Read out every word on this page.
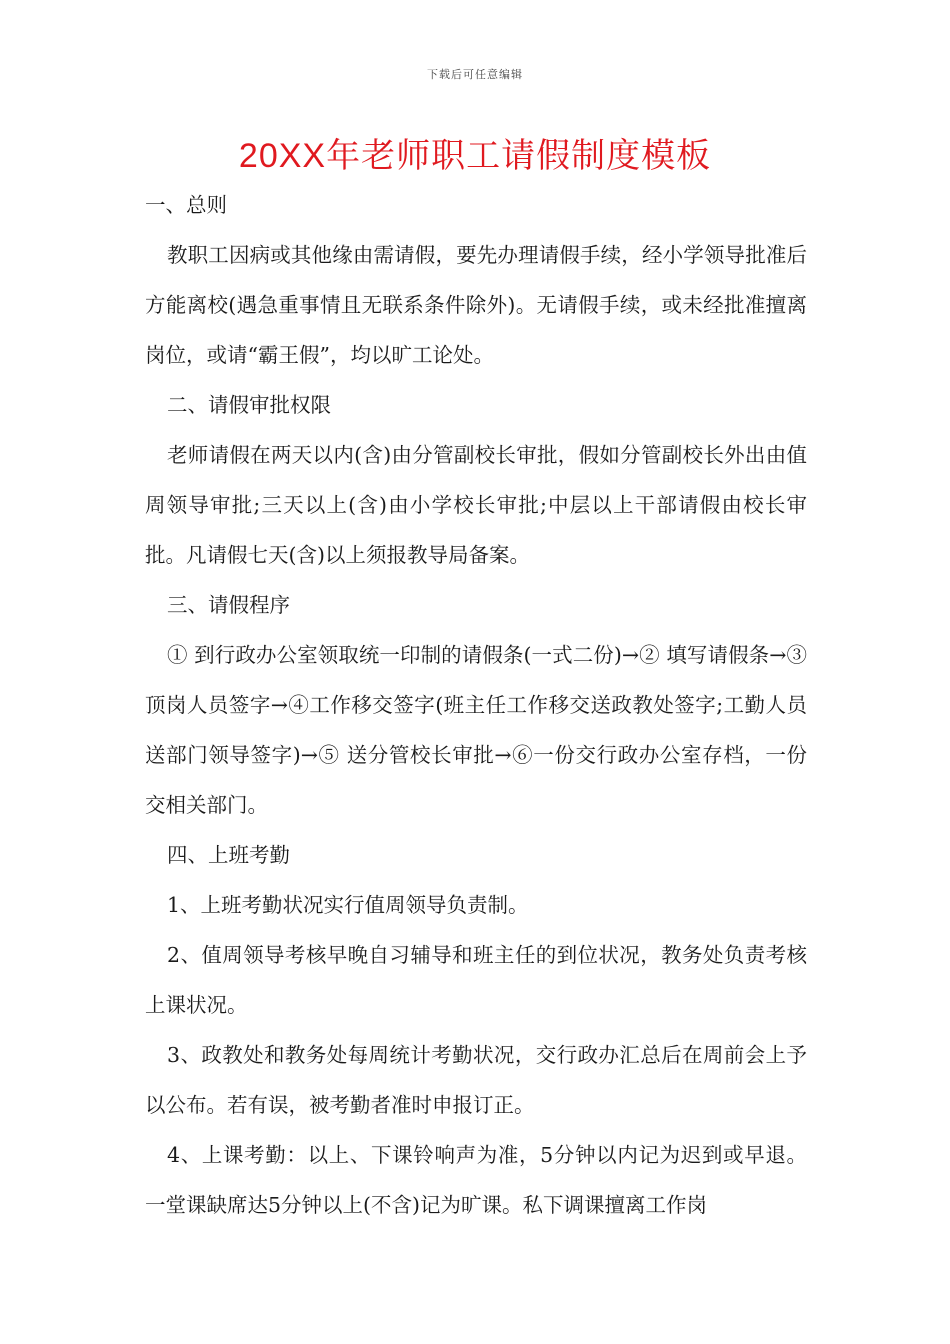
下载后可任意编辑
20XX年老师职工请假制度模板

一、总则

教职工因病或其他缘由需请假，要先办理请假手续，经小学领导批准后方能离校(遇急重事情且无联系条件除外)。无请假手续，或未经批准擅离岗位，或请“霸王假”，均以旷工论处。

二、请假审批权限

老师请假在两天以内(含)由分管副校长审批，假如分管副校长外出由值周领导审批;三天以上(含)由小学校长审批;中层以上干部请假由校长审批。凡请假七天(含)以上须报教导局备案。

三、请假程序

① 到行政办公室领取统一印制的请假条(一式二份)→② 填写请假条→③顶岗人员签字→④工作移交签字(班主任工作移交送政教处签字;工勤人员送部门领导签字)→⑤ 送分管校长审批→⑥一份交行政办公室存档，一份交相关部门。

四、上班考勤

1、上班考勤状况实行值周领导负责制。

2、值周领导考核早晚自习辅导和班主任的到位状况，教务处负责考核上课状况。

3、政教处和教务处每周统计考勤状况，交行政办汇总后在周前会上予以公布。若有误，被考勤者准时申报订正。

4、上课考勤：以上、下课铃响声为准，5分钟以内记为迟到或早退。一堂课缺席达5分钟以上(不含)记为旷课。私下调课擅离工作岗
